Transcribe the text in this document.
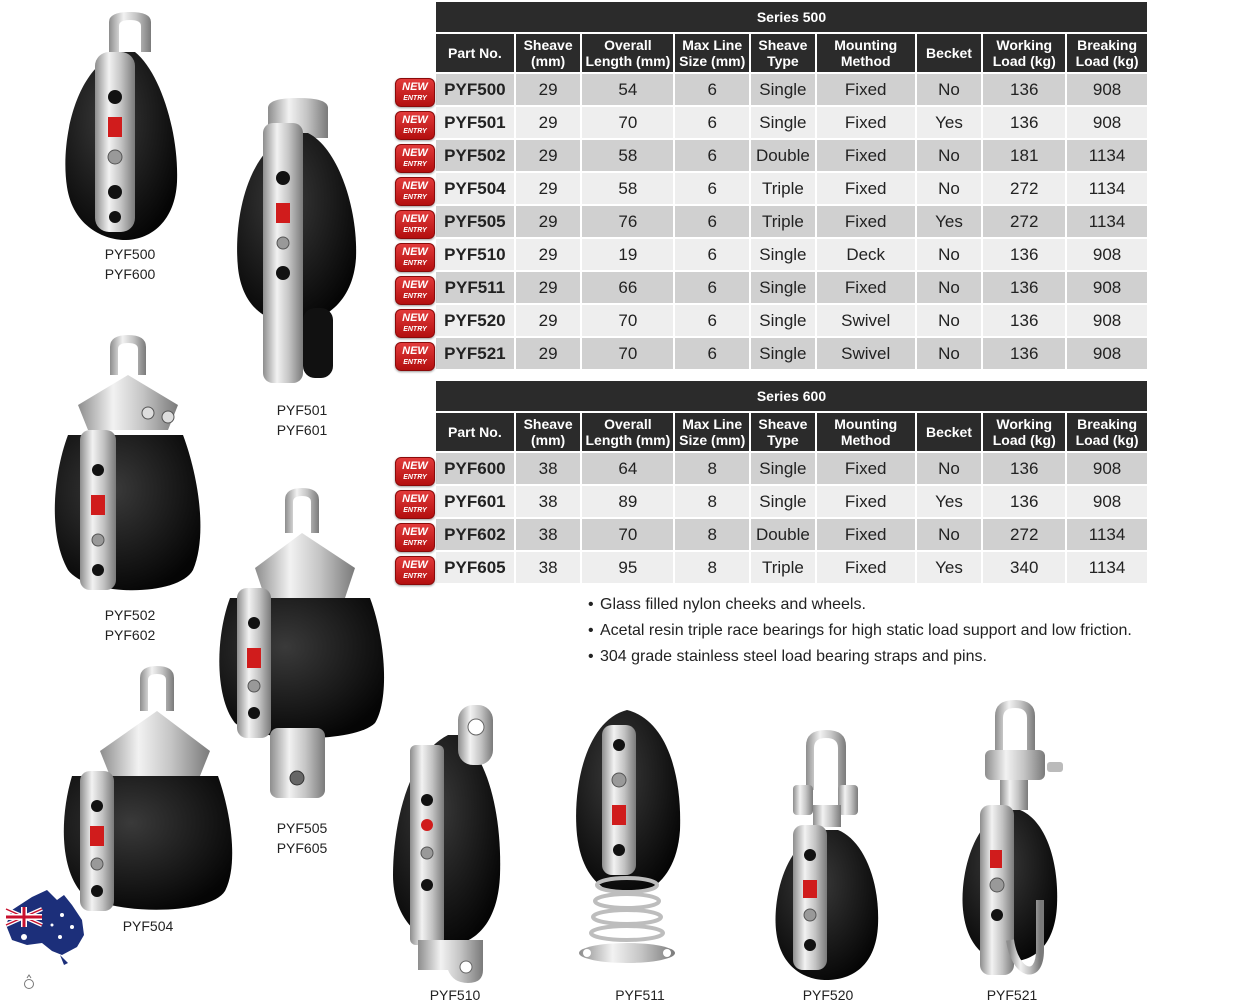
PYF500
PYF600
PYF501
PYF601
PYF502
PYF602
PYF505
PYF605
PYF504
PYF510	PYF511	PYF520	PYF521
Series 500								
Part No.	Sheave (mm)	Overall Length (mm)	Max Line Size (mm)	Sheave Type	Mounting Method	Becket	Working Load (kg)	Breaking Load (kg)
PYF500	29	54	6	Single	Fixed	No	136	908
PYF501	29	70	6	Single	Fixed	Yes	136	908
PYF502	29	58	6	Double	Fixed	No	181	1134
PYF504	29	58	6	Triple	Fixed	No	272	1134
PYF505	29	76	6	Triple	Fixed	Yes	272	1134
PYF510	29	19	6	Single	Deck	No	136	908
PYF511	29	66	6	Single	Fixed	No	136	908
PYF520	29	70	6	Single	Swivel	No	136	908
PYF521	29	70	6	Single	Swivel	No	136	908
Series 600								
Part No.	Sheave (mm)	Overall Length (mm)	Max Line Size (mm)	Sheave Type	Mounting Method	Becket	Working Load (kg)	Breaking Load (kg)
PYF600	38	64	8	Single	Fixed	No	136	908
PYF601	38	89	8	Single	Fixed	Yes	136	908
PYF602	38	70	8	Double	Fixed	No	272	1134
PYF605	38	95	8	Triple	Fixed	Yes	340	1134
NEW
ENTRY
NEW
ENTRY
NEW
ENTRY
NEW
ENTRY
NEW
ENTRY
NEW
ENTRY
NEW
ENTRY
NEW
ENTRY
NEW
ENTRY
NEW
ENTRY
NEW
ENTRY
NEW
ENTRY
NEW
ENTRY
• Glass filled nylon cheeks and wheels.
• Acetal resin triple race bearings for high static load support and low friction.
• 304 grade stainless steel load bearing straps and pins.
